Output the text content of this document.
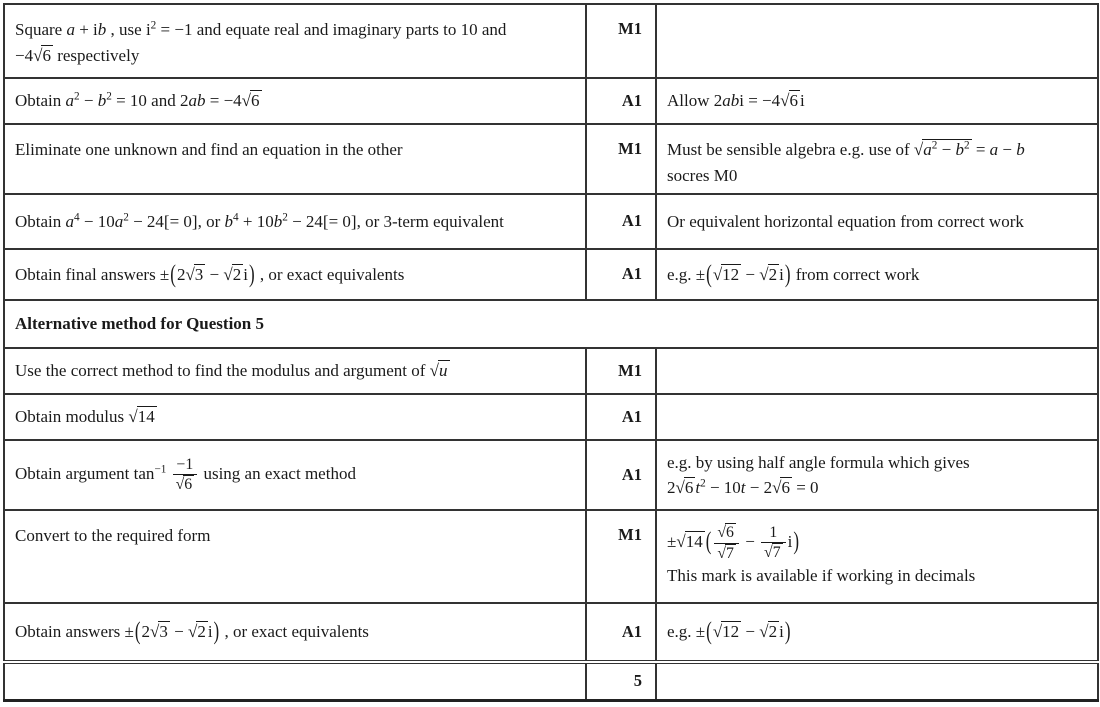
Square a + ib , use $i^2 = -1$ and equate real and imaginary parts to 10 and
−4√6 respectively	M1	
Obtain $a^2 - b^2 = 10$ and 2ab = −4√6	A1	Allow 2abi = −4√6 i
Eliminate one unknown and find an equation in the other	M1	Must be sensible algebra e.g. use of $√a^2 - b^2 = a - b$
socres M0
Obtain $a^4 - 10a^2 - 24[= 0]$, or $b^4 + 10b^2 - 24[= 0]$, or 3-term equivalent	A1	Or equivalent horizontal equation from correct work
Obtain final answers ±(2√3 − √2 i) , or exact equivalents	A1	e.g. ±(√12 − √2 i) from correct work
Alternative method for Question 5		
Use the correct method to find the modulus and argument of √u	M1	
Obtain modulus √14	A1	
Obtain argument $\tan^{-1} \frac{-1}{√6}$ using an exact method	A1	e.g. by using half angle formula which gives
2√6 $t^2 - 10t - 2√6 = 0$
Convert to the required form	M1	±√14 ( $\frac{√6}{√7} - \frac{1}{√7} i$)
This mark is available if working in decimals
Obtain answers ±(2√3 − √2 i) , or exact equivalents	A1	e.g. ±(√12 − √2 i)
	5	
